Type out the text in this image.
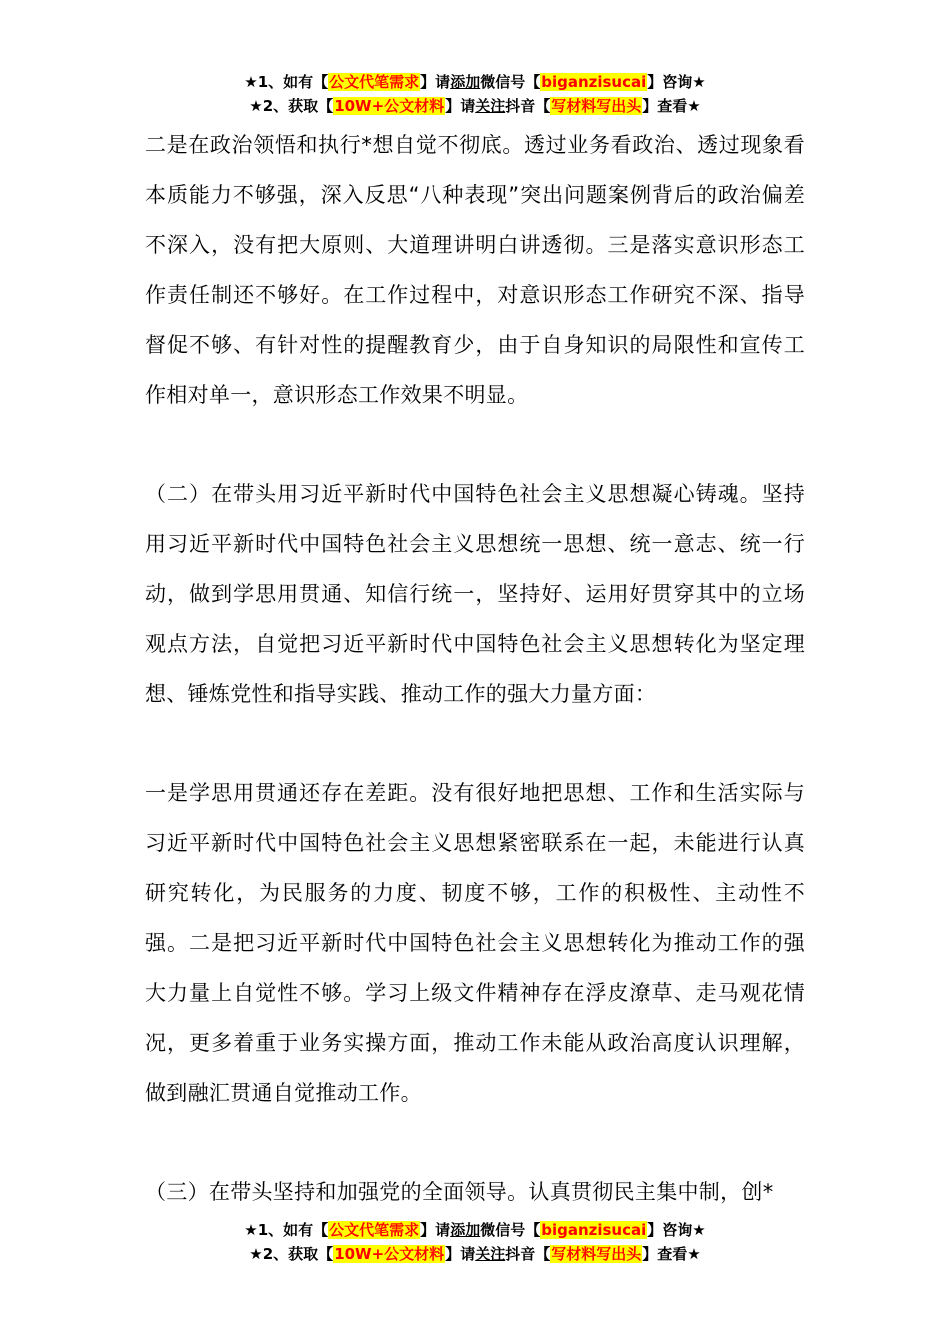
★1、如有【公文代笔需求】请添加微信号【biganzisucai】咨询★
★2、获取【10W+公文材料】请关注抖音【写材料写出头】查看★

二是在政治领悟和执行*想自觉不彻底。透过业务看政治、透过现象看本质能力不够强，深入反思“八种表现”突出问题案例背后的政治偏差不深入，没有把大原则、大道理讲明白讲透彻。三是落实意识形态工作责任制还不够好。在工作过程中，对意识形态工作研究不深、指导督促不够、有针对性的提醒教育少，由于自身知识的局限性和宣传工作相对单一，意识形态工作效果不明显。

（二）在带头用习近平新时代中国特色社会主义思想凝心铸魂。坚持用习近平新时代中国特色社会主义思想统一思想、统一意志、统一行动，做到学思用贯通、知信行统一，坚持好、运用好贯穿其中的立场观点方法，自觉把习近平新时代中国特色社会主义思想转化为坚定理想、锤炼党性和指导实践、推动工作的强大力量方面：

一是学思用贯通还存在差距。没有很好地把思想、工作和生活实际与习近平新时代中国特色社会主义思想紧密联系在一起，未能进行认真研究转化，为民服务的力度、韧度不够，工作的积极性、主动性不强。二是把习近平新时代中国特色社会主义思想转化为推动工作的强大力量上自觉性不够。学习上级文件精神存在浮皮潦草、走马观花情况，更多着重于业务实操方面，推动工作未能从政治高度认识理解，做到融汇贯通自觉推动工作。

（三）在带头坚持和加强党的全面领导。认真贯彻民主集中制，创*

★1、如有【公文代笔需求】请添加微信号【biganzisucai】咨询★
★2、获取【10W+公文材料】请关注抖音【写材料写出头】查看★
